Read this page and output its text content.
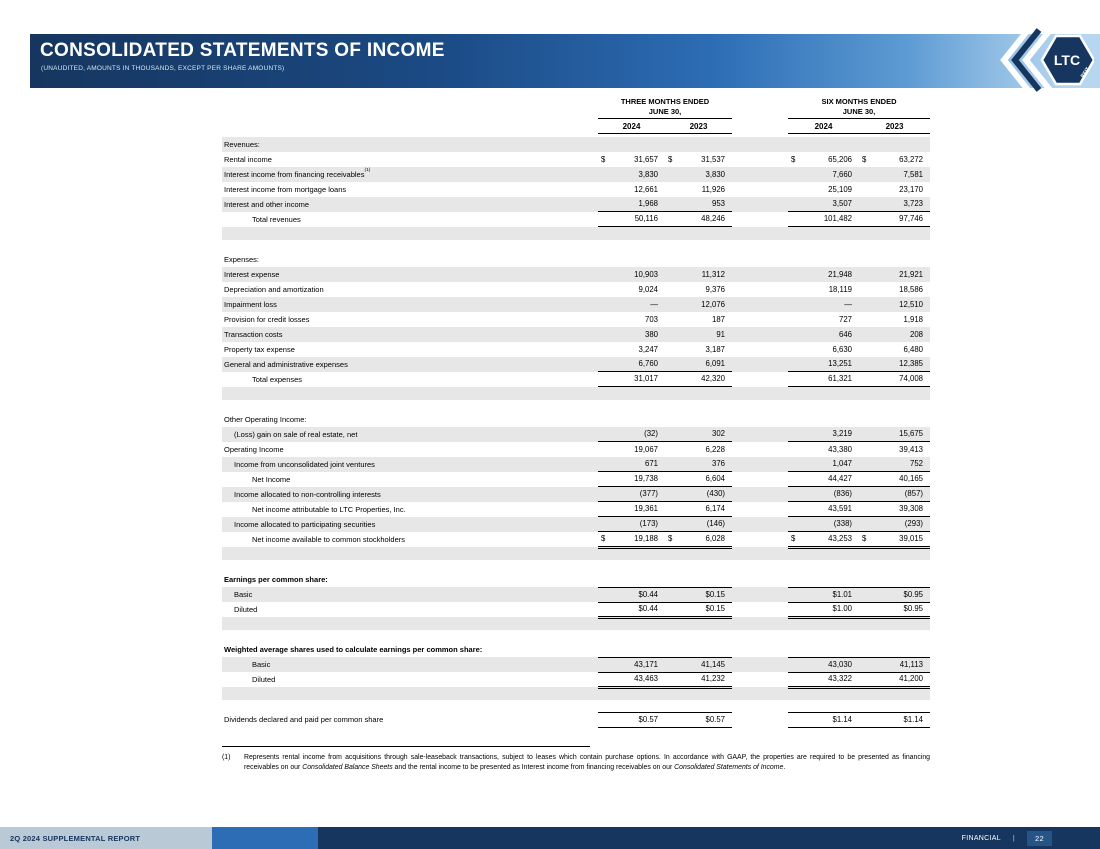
CONSOLIDATED STATEMENTS OF INCOME
(UNAUDITED, AMOUNTS IN THOUSANDS, EXCEPT PER SHARE AMOUNTS)
LTC
REIT
THREE MONTHS ENDED
JUNE 30,
SIX MONTHS ENDED
JUNE 30,
2024	2023	2024	2023
Revenues:
Rental income	$	31,657	$	31,537	$	65,206	$	63,272
Interest income from financing receivables$^{(1)}$	3,830	3,830	7,660	7,581
Interest income from mortgage loans	12,661	11,926	25,109	23,170
Interest and other income	1,968	953	3,507	3,723
Total revenues	50,116	48,246	101,482	97,746
Expenses:
Interest expense	10,903	11,312	21,948	21,921
Depreciation and amortization	9,024	9,376	18,119	18,586
Impairment loss	—	12,076	—	12,510
Provision for credit losses	703	187	727	1,918
Transaction costs	380	91	646	208
Property tax expense	3,247	3,187	6,630	6,480
General and administrative expenses	6,760	6,091	13,251	12,385
Total expenses	31,017	42,320	61,321	74,008
Other Operating Income:
(Loss) gain on sale of real estate, net	(32)	302	3,219	15,675
Operating Income	19,067	6,228	43,380	39,413
Income from unconsolidated joint ventures	671	376	1,047	752
Net Income	19,738	6,604	44,427	40,165
Income allocated to non-controlling interests	(377)	(430)	(836)	(857)
Net income attributable to LTC Properties, Inc.	19,361	6,174	43,591	39,308
Income allocated to participating securities	(173)	(146)	(338)	(293)
Net income available to common stockholders	$	19,188	$	6,028	$	43,253	$	39,015
Earnings per common share:
Basic	$0.44	$0.15	$1.01	$0.95
Diluted	$0.44	$0.15	$1.00	$0.95
Weighted average shares used to calculate earnings per common share:
Basic	43,171	41,145	43,030	41,113
Diluted	43,463	41,232	43,322	41,200
Dividends declared and paid per common share	$0.57	$0.57	$1.14	$1.14
(1)	Represents rental income from acquisitions through sale-leaseback transactions, subject to leases which contain purchase options. In accordance with GAAP, the properties are required to be presented as financing receivables on our Consolidated Balance Sheets and the rental income to be presented as Interest income from financing receivables on our Consolidated Statements of Income.
2Q 2024 SUPPLEMENTAL REPORT	FINANCIAL |	22
